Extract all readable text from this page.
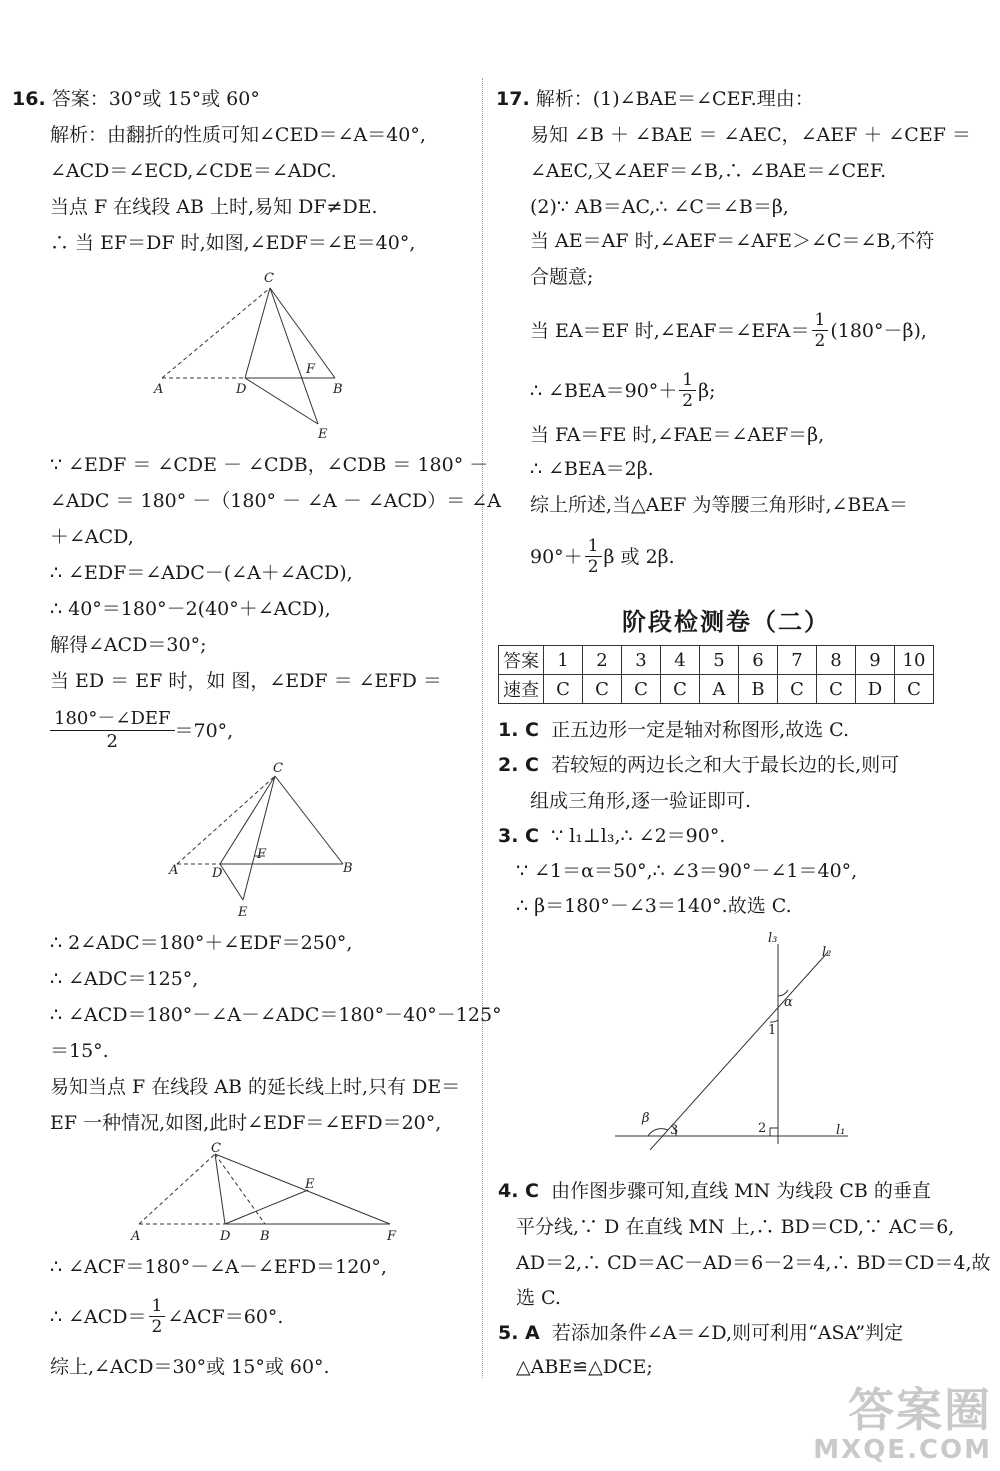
16. 答案：30°或 15°或 60°
解析：由翻折的性质可知∠CED＝∠A＝40°,
∠ACD＝∠ECD,∠CDE＝∠ADC.
当点 F 在线段 AB 上时,易知 DF≠DE.
∴ 当 EF＝DF 时,如图,∠EDF＝∠E＝40°,
C
A	D
F
B
E
∵ ∠EDF ＝ ∠CDE － ∠CDB，∠CDB ＝ 180° －
∠ADC ＝ 180° －（180° － ∠A － ∠ACD）＝ ∠A
＋∠ACD,
∴ ∠EDF＝∠ADC－(∠A＋∠ACD),
∴ 40°＝180°－2(40°＋∠ACD),
解得∠ACD＝30°;
当 ED ＝ EF 时，如 图，∠EDF ＝ ∠EFD ＝
180°－∠DEF
2	＝70°,
C
A	D
F
B
E
∴ 2∠ADC＝180°＋∠EDF＝250°,
∴ ∠ADC＝125°,
∴ ∠ACD＝180°－∠A－∠ADC＝180°－40°－125°
＝15°.
易知当点 F 在线段 AB 的延长线上时,只有 DE＝
EF 一种情况,如图,此时∠EDF＝∠EFD＝20°,
C
A	D B
E
F
∴ ∠ACF＝180°－∠A－∠EFD＝120°,
∴ ∠ACD＝ $\frac{1}{2}$ ∠ACF＝60°.
综上,∠ACD＝30°或 15°或 60°.
17. 解析：(1)∠BAE＝∠CEF.理由：
易知 ∠B ＋ ∠BAE ＝ ∠AEC，∠AEF ＋ ∠CEF ＝
∠AEC,又∠AEF＝∠B,∴ ∠BAE＝∠CEF.
(2)∵ AB＝AC,∴ ∠C＝∠B＝β,
当 AE＝AF 时,∠AEF＝∠AFE＞∠C＝∠B,不符
合题意;
当 EA＝EF 时,∠EAF＝∠EFA＝ $\frac{1}{2} (180^\circ-\beta)$,
∴ ∠BEA＝90°＋ $\frac{1}{2} \beta$;
当 FA＝FE 时,∠FAE＝∠AEF＝β,
∴ ∠BEA＝2β.
综上所述,当△AEF 为等腰三角形时,∠BEA＝
$90^\circ+ \frac{1}{2}$ β 或 2β.
阶段检测卷（二）
答案	1	2	3	4	5	6	7	8	9	10
速查	C	C	C	C	A	B	C	C	D	C
1. C 正五边形一定是轴对称图形,故选 C.
2. C 若较短的两边长之和大于最长边的长,则可
组成三角形,逐一验证即可.
3. C ∵ l₁⊥l₃,∴ ∠2＝90°.
∵ ∠1＝α＝50°,∴ ∠3＝90°－∠1＝40°,
∴ β＝180°－∠3＝140°.故选 C.
l₃
l₂
l₁
α
1
2
3
β
4. C 由作图步骤可知,直线 MN 为线段 CB 的垂直
平分线,∵ D 在直线 MN 上,∴ BD＝CD,∵ AC＝6,
AD＝2,∴ CD＝AC－AD＝6－2＝4,∴ BD＝CD＝4,故
选 C.
5. A 若添加条件∠A＝∠D,则可利用“ASA”判定
△ABE≌△DCE;
答案圈
MXQE.COM
